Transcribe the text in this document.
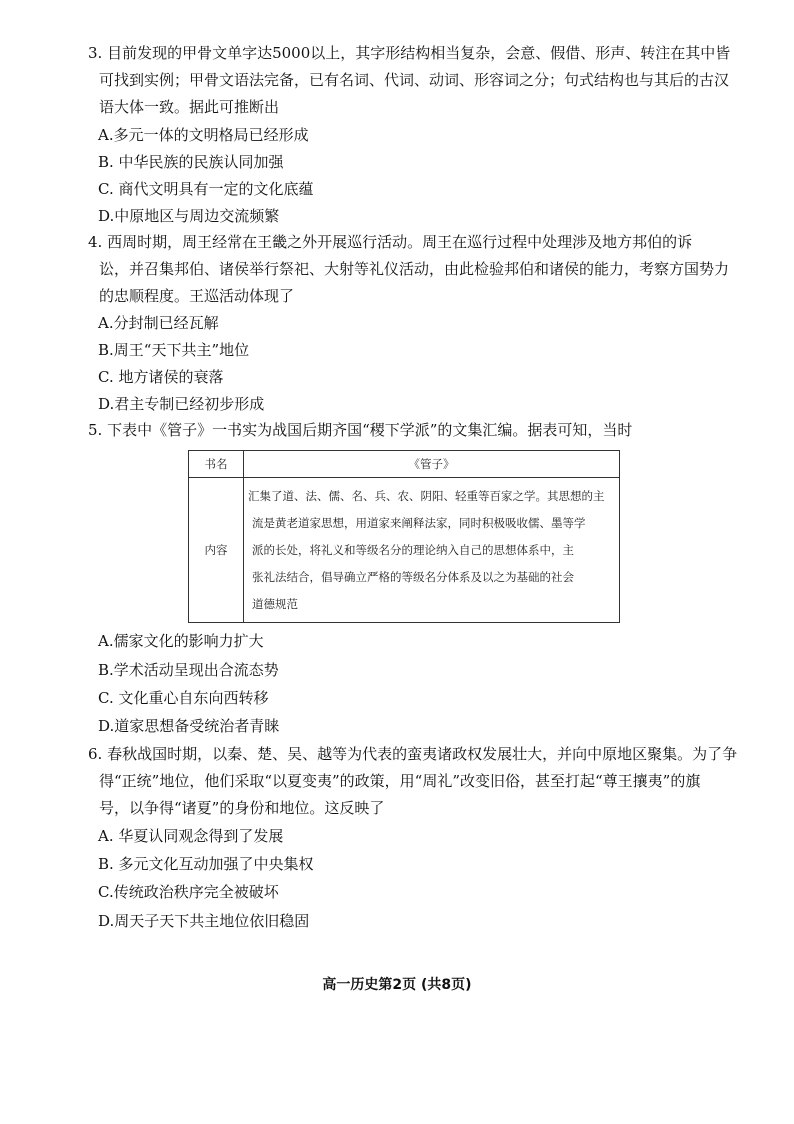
3. 目前发现的甲骨文单字达5000以上，其字形结构相当复杂，会意、假借、形声、转注在其中皆
可找到实例；甲骨文语法完备，已有名词、代词、动词、形容词之分；句式结构也与其后的古汉
语大体一致。据此可推断出
A.多元一体的文明格局已经形成
B. 中华民族的民族认同加强
C. 商代文明具有一定的文化底蕴
D.中原地区与周边交流频繁
4. 西周时期，周王经常在王畿之外开展巡行活动。周王在巡行过程中处理涉及地方邦伯的诉
讼，并召集邦伯、诸侯举行祭祀、大射等礼仪活动，由此检验邦伯和诸侯的能力，考察方国势力
的忠顺程度。王巡活动体现了
A.分封制已经瓦解
B.周王“天下共主”地位
C. 地方诸侯的衰落
D.君主专制已经初步形成
5. 下表中《管子》一书实为战国后期齐国“稷下学派”的文集汇编。据表可知，当时
书名	《管子》
内容	汇集了道、法、儒、名、兵、农、阴阳、轻重等百家之学。其思想的主
流是黄老道家思想，用道家来阐释法家，同时积极吸收儒、墨等学
派的长处，将礼义和等级名分的理论纳入自己的思想体系中，主
张礼法结合，倡导确立严格的等级名分体系及以之为基础的社会
道德规范
A.儒家文化的影响力扩大
B.学术活动呈现出合流态势
C. 文化重心自东向西转移
D.道家思想备受统治者青睐
6. 春秋战国时期，以秦、楚、吴、越等为代表的蛮夷诸政权发展壮大，并向中原地区聚集。为了争
得“正统”地位，他们采取“以夏变夷”的政策，用“周礼”改变旧俗，甚至打起“尊王攘夷”的旗
号，以争得“诸夏”的身份和地位。这反映了
A. 华夏认同观念得到了发展
B. 多元文化互动加强了中央集权
C.传统政治秩序完全被破坏
D.周天子天下共主地位依旧稳固
高一历史第2页 (共8页)
